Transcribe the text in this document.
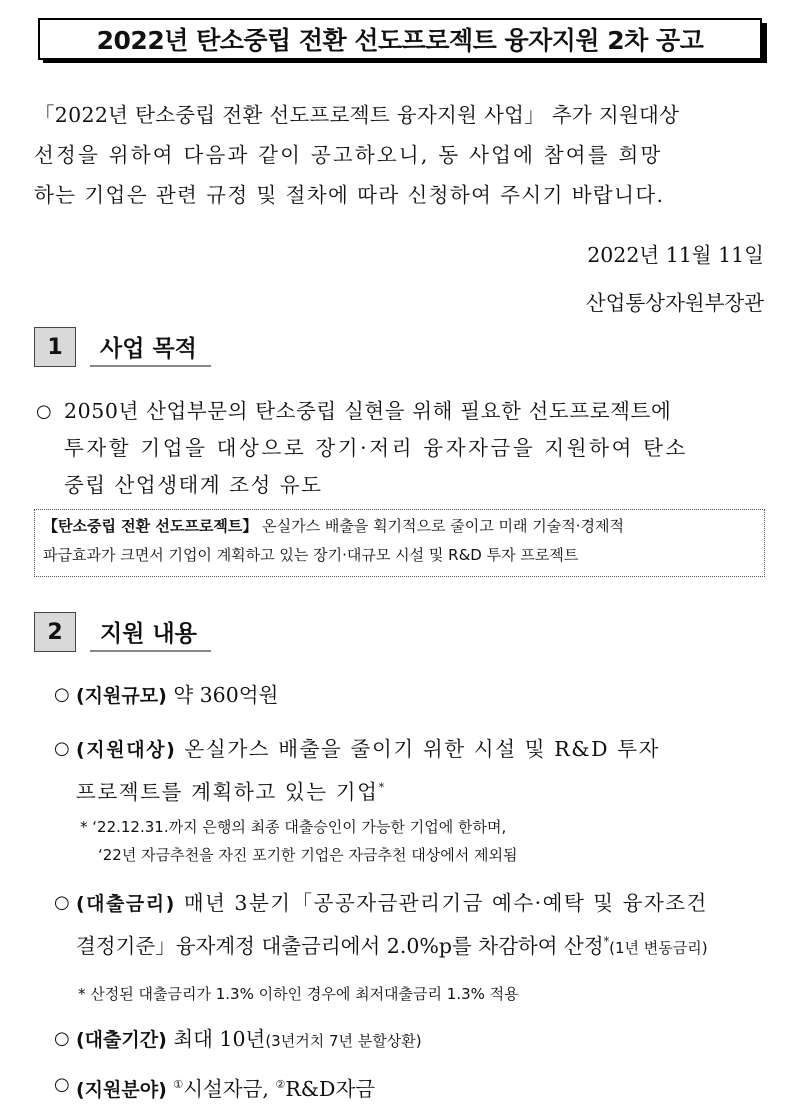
2022년 탄소중립 전환 선도프로젝트 융자지원 2차 공고
「2022년 탄소중립 전환 선도프로젝트 융자지원 사업」 추가 지원대상
선정을 위하여 다음과 같이 공고하오니, 동 사업에 참여를 희망
하는 기업은 관련 규정 및 절차에 따라 신청하여 주시기 바랍니다.
2022년 11월 11일
산업통상자원부장관
1	사업 목적
○ 2050년 산업부문의 탄소중립 실현을 위해 필요한 선도프로젝트에
투자할 기업을 대상으로 장기·저리 융자자금을 지원하여 탄소
중립 산업생태계 조성 유도
【탄소중립 전환 선도프로젝트】 온실가스 배출을 획기적으로 줄이고 미래 기술적·경제적
파급효과가 크면서 기업이 계획하고 있는 장기·대규모 시설 및 R&D 투자 프로젝트
2	지원 내용
○ (지원규모) 약 360억원
○ (지원대상) 온실가스 배출을 줄이기 위한 시설 및 R&D 투자
프로젝트를 계획하고 있는 기업*
* ‘22.12.31.까지 은행의 최종 대출승인이 가능한 기업에 한하며,
‘22년 자금추천을 자진 포기한 기업은 자금추천 대상에서 제외됨
○ (대출금리) 매년 3분기「공공자금관리기금 예수·예탁 및 융자조건
결정기준」융자계정 대출금리에서 2.0%p를 차감하여 산정*(1년 변동금리)
* 산정된 대출금리가 1.3% 이하인 경우에 최저대출금리 1.3% 적용
○ (대출기간) 최대 10년(3년거치 7년 분할상환)
○ (지원분야) ①시설자금, ②R&D자금
